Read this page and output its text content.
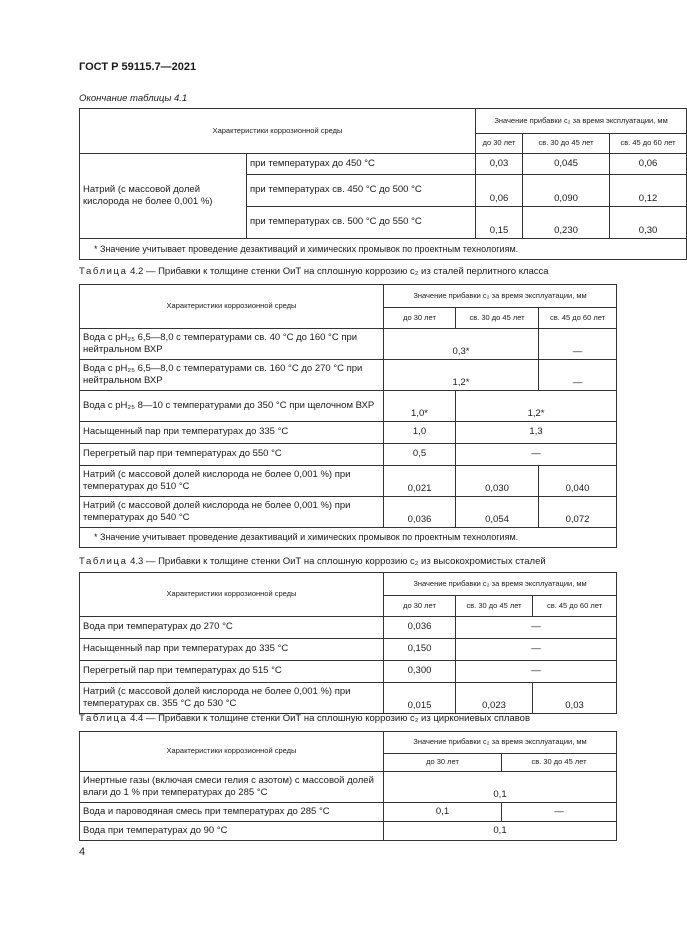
ГОСТ Р 59115.7—2021
Окончание таблицы 4.1
Характеристики коррозионной среды		Значение прибавки c₂ за время эксплуатации, мм		
		до 30 лет	св. 30 до 45 лет	св. 45 до 60 лет
Натрий (с массовой долей кислорода не более 0,001 %)	при температурах до 450 °С	0,03	0,045	0,06
	при температурах св. 450 °С до 500 °С	0,06	0,090	0,12
	при температурах св. 500 °С до 550 °С	0,15	0,230	0,30
* Значение учитывает проведение дезактиваций и химических промывок по проектным технологиям.				
Таблица 4.2 — Прибавки к толщине стенки ОиТ на сплошную коррозию c₂ из сталей перлитного класса
Характеристики коррозионной среды	Значение прибавки c₂ за время эксплуатации, мм		
	до 30 лет	св. 30 до 45 лет	св. 45 до 60 лет
Вода с pH₂₅ 6,5—8,0 с температурами св. 40 °С до 160 °С при нейтральном ВХР	0,3*		—
Вода с pH₂₅ 6,5—8,0 с температурами св. 160 °С до 270 °С при нейтральном ВХР	1,2*		—
Вода с pH₂₅ 8—10 с температурами до 350 °С при щелочном ВХР	1,0*	1,2*	
Насыщенный пар при температурах до 335 °С	1,0	1,3	
Перегретый пар при температурах до 550 °С	0,5	—	
Натрий (с массовой долей кислорода не более 0,001 %) при температурах до 510 °С	0,021	0,030	0,040
Натрий (с массовой долей кислорода не более 0,001 %) при температурах до 540 °С	0,036	0,054	0,072
* Значение учитывает проведение дезактиваций и химических промывок по проектным технологиям.			
Таблица 4.3 — Прибавки к толщине стенки ОиТ на сплошную коррозию c₂ из высокохромистых сталей
Характеристики коррозионной среды	Значение прибавки c₂ за время эксплуатации, мм		
	до 30 лет	св. 30 до 45 лет	св. 45 до 60 лет
Вода при температурах до 270 °С	0,036	—	
Насыщенный пар при температурах до 335 °С	0,150	—	
Перегретый пар при температурах до 515 °С	0,300	—	
Натрий (с массовой долей кислорода не более 0,001 %) при температурах св. 355 °С до 530 °С	0,015	0,023	0,03
Таблица 4.4 — Прибавки к толщине стенки ОиТ на сплошную коррозию c₂ из циркониевых сплавов
Характеристики коррозионной среды	Значение прибавки c₂ за время эксплуатации, мм	
	до 30 лет	св. 30 до 45 лет
Инертные газы (включая смеси гелия с азотом) с массовой долей влаги до 1 % при температурах до 285 °С	0,1	
Вода и пароводяная смесь при температурах до 285 °С	0,1	—
Вода при температурах до 90 °С	0,1	
4
